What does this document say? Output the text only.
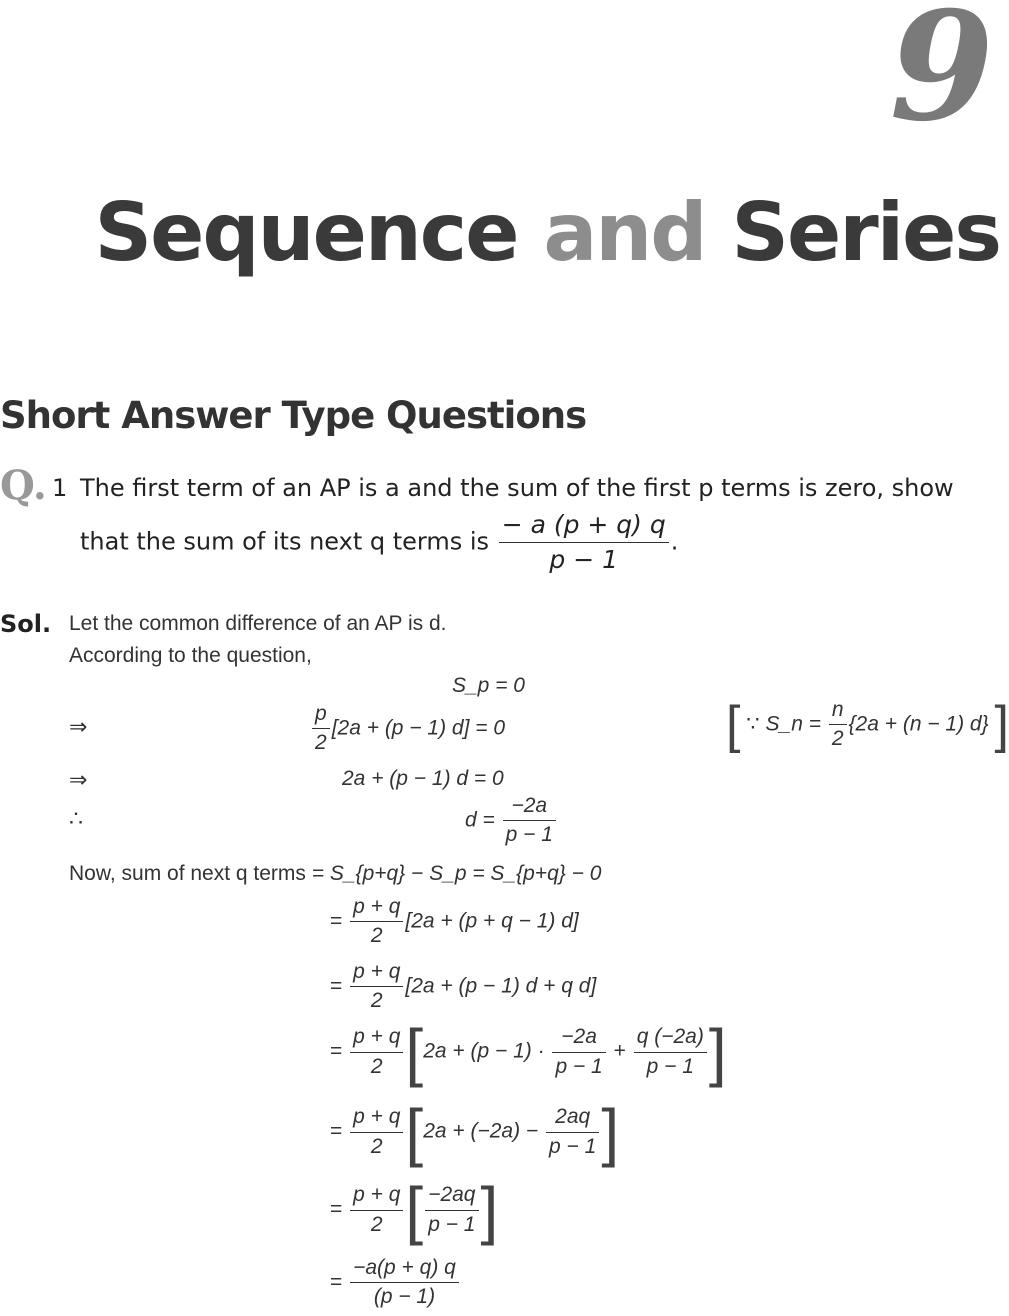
9
Sequence and Series
Short Answer Type Questions
Q. 1 The first term of an AP is a and the sum of the first p terms is zero, show
that the sum of its next q terms is $\frac{- a (p + q) q}{p - 1}$ .
Sol. Let the common difference of an AP is d.
According to the question,
S_p = 0
⇒	$\frac{p}{2} [2a + (p - 1) d] = 0$	[ ∵ S_n = $\frac{n}{2} \{2a + (n - 1)$ d} ]
⇒	2a + (p − 1) d = 0
∴	$d = \frac{-2a}{p - 1}$
Now, sum of next q terms = S_{p+q} − S_p = S_{p+q} − 0
= $\frac{p + q}{2} [2a + (p + q - 1)$ d]
= $\frac{p + q}{2} [2a + (p - 1) d + q$ d]
= $\frac{p + q}{2} [2a + (p - 1) \cdot \frac{-2a}{p - 1} + \frac{q (-2a)}{p - 1}$ ]
= $\frac{p + q}{2} [2a + (-2a) - \frac{2aq}{p - 1}$ ]
= $\frac{p + q}{2}$ [ $\frac{-2aq}{p - 1}$ ]
= $\frac{-a(p + q) q}{(p - 1)}$
